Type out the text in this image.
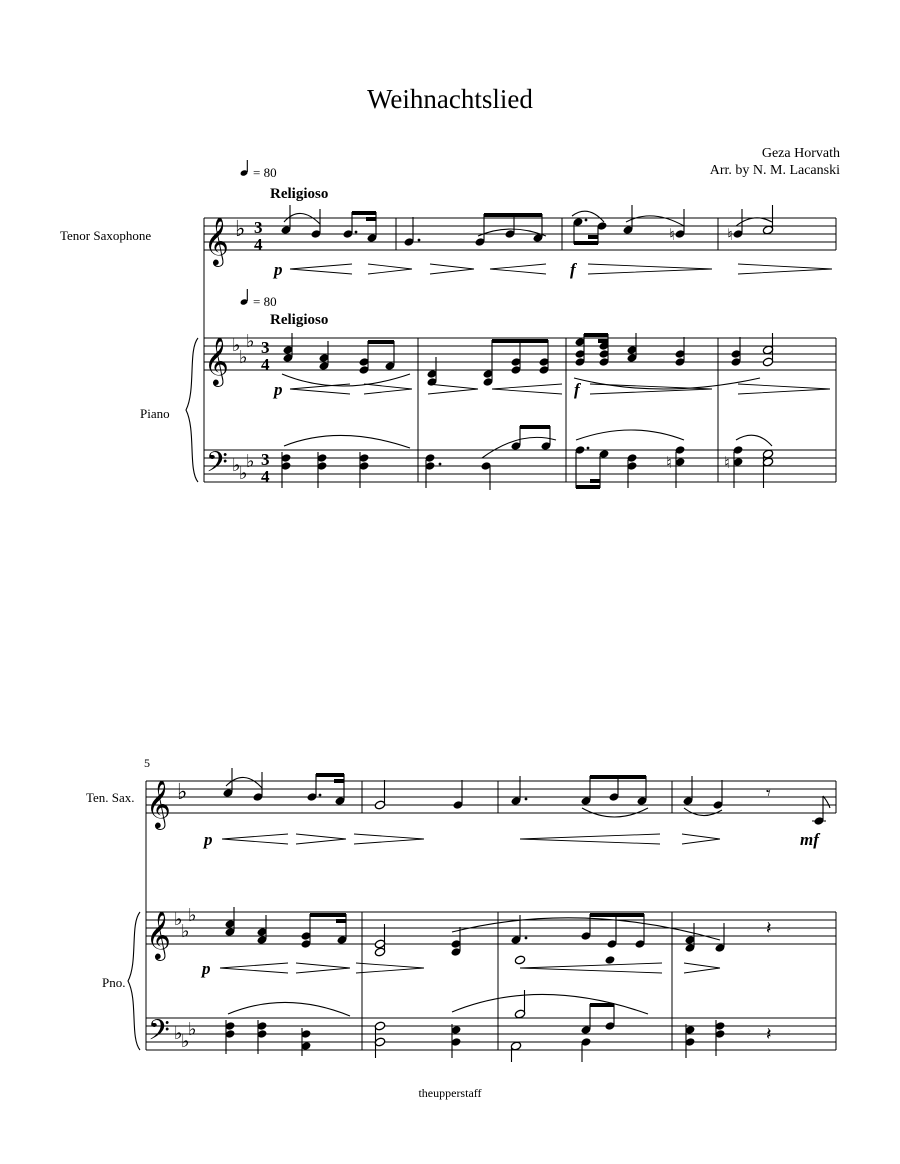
Weihnachtslied
Geza Horvath
Arr. by N. M. Lacanski
theupperstaff
= 80
Religioso
Tenor Saxophone 𝄞 ♭ 3
4
♮	♮
p	f
= 80
Religioso
Piano
𝄞 ♭
♭
♭
𝄢 ♭
♭
♭
3
4
3
4
p	f
♮	♮
5
Ten. Sax. 𝄞 ♭	𝄾
p	mf
Pno.
𝄞 ♭
♭
♭
𝄢 ♭
♭
♭
𝄽
p
𝄽
